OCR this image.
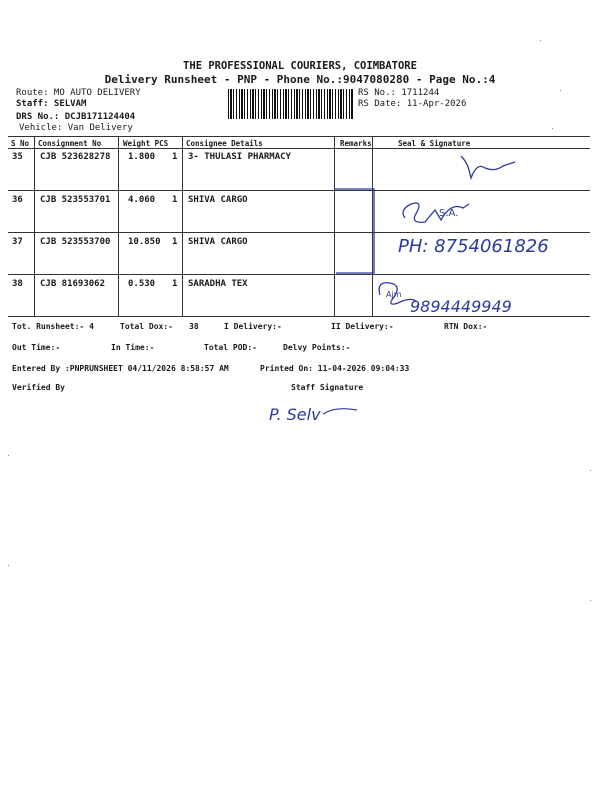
THE PROFESSIONAL COURIERS, COIMBATORE
Delivery Runsheet - PNP - Phone No.:9047080280 - Page No.:4
Route: MO AUTO DELIVERY
Staff: SELVAM
DRS No.: DCJB171124404
Vehicle: Van Delivery
RS No.: 1711244
RS Date: 11-Apr-2026
S No Consignment No	Weight PCS Consignee Details	Remarks	Seal & Signature
35 CJB 523628278 1.800 1 3- THULASI PHARMACY
36 CJB 523553701 4.060 1 SHIVA CARGO
37 CJB 523553700 10.850 1 SHIVA CARGO
38 CJB 81693062	0.530 1 SARADHA TEX
S.A.
Ajm
PH: 8754061826
9894449949
Tot. Runsheet:- 4	Total Dox:- 38	I Delivery:-	II Delivery:-	RTN Dox:-
Out Time:-	In Time:-	Total POD:-	Delvy Points:-
Entered By :PNPRUNSHEET 04/11/2026 8:58:57 AM	Printed On: 11-04-2026 09:04:33
Verified By	Staff Signature
P. Selv
